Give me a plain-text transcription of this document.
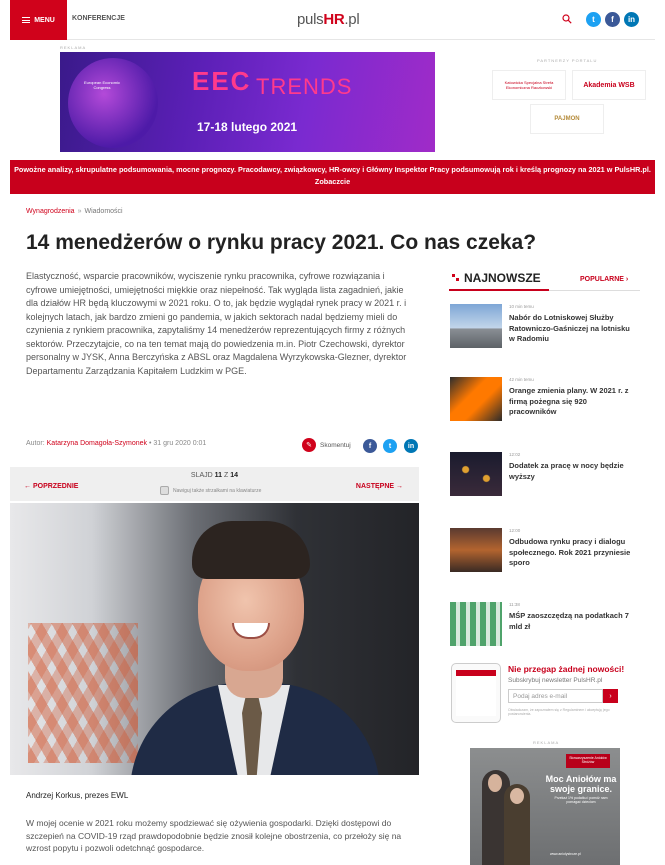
MENU KONFERENCJE	pulsHR.pl	t	f	in
REKLAMA
European Economic Congress	EEC TRENDS
17-18 lutego 2021
PARTNERZY PORTALU
Katowicka Specjalna Strefa Ekonomiczna Raczkowski	Akademia WSB
PAJMON
Powożne analizy, skrupulatne podsumowania, mocne prognozy. Pracodawcy, związkowcy, HR-owcy i Główny Inspektor Pracy podsumowują rok i kreślą prognozy na 2021 w PulsHR.pl. Zobaczcie
Wynagrodzenia » Wiadomości
14 menedżerów o rynku pracy 2021. Co nas czeka?

Elastyczność, wsparcie pracowników, wyciszenie rynku pracownika, cyfrowe rozwiązania i cyfrowe umiejętności, umiejętności miękkie oraz niepełność. Tak wygląda lista zagadnień, jakie dla działów HR będą kluczowymi w 2021 roku. O to, jak będzie wyglądał rynek pracy w 2021 r. i kolejnych latach, jak bardzo zmieni go pandemia, w jakich sektorach nadal będziemy mieli do czynienia z rynkiem pracownika, zapytaliśmy 14 menedżerów reprezentujących firmy z różnych sektorów. Przeczytajcie, co na ten temat mają do powiedzenia m.in. Piotr Czechowski, dyrektor personalny w JYSK, Anna Berczyńska z ABSL oraz Magdalena Wyrzykowska-Glezner, dyrektor Departamentu Zarządzania Kapitałem Ludzkim w PGE.

Autor: Katarzyna Domagoła-Szymonek • 31 gru 2020 0:01	✎	Skomentuj	f	t	in
SLAJD 11 Z 14
← POPRZEDNIE
Nawiguj także strzałkami na klawiaturze
NASTĘPNE →
Andrzej Korkus, prezes EWL

W mojej ocenie w 2021 roku możemy spodziewać się ożywienia gospodarki. Dzięki dostępowi do szczepień na COVID-19 rząd prawdopodobnie będzie znosił kolejne obostrzenia, co przełoży się na wzrost popytu i pozwoli odetchnąć gospodarce.

NAJNOWSZE	POPULARNE ›
10 min temu
Nabór do Lotniskowej Służby Ratowniczo-Gaśniczej na lotnisku w Radomiu
42 min temu
Orange zmienia plany. W 2021 r. z firmą pożegna się 920 pracowników
12:02
Dodatek za pracę w nocy będzie wyższy
12:00
Odbudowa rynku pracy i dialogu społecznego. Rok 2021 przyniesie sporo
11:38
MŚP zaoszczędzą na podatkach 7 mld zł
Nie przegap żadnej nowości!
Subskrybuj newsletter PulsHR.pl
Podaj adres e-mail	›
Oświadczam, że zapoznałem się z Regulaminem i akceptuję jego postanowienia.
REKLAMA
Stowarzyszenie Aniołów Stróżów
Moc Aniołów ma swoje granice.
Przekaż 1% podatku i pomóż nam pomagać dzieciom
www.aniolystroze.pl
